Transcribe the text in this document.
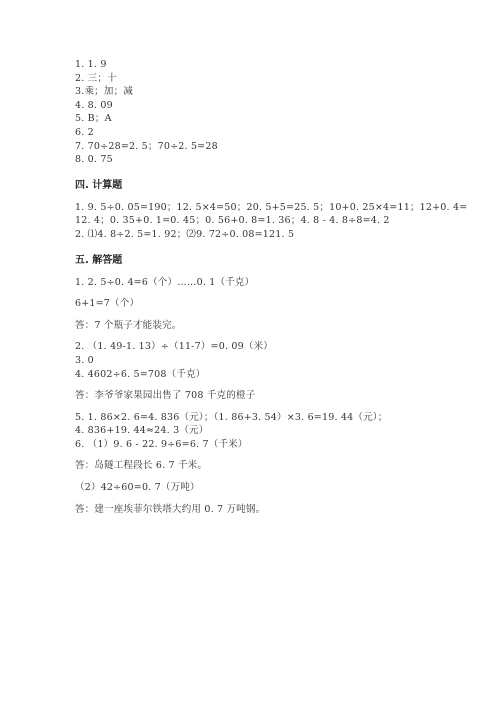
1. 1. 9
2. 三；十
3.乘；加；减
4. 8. 09
5. B；A
6. 2
7. 70÷28=2. 5；70÷2. 5=28
8. 0. 75
四. 计算题
1. 9. 5÷0. 05=190；12. 5×4=50；20. 5+5=25. 5；10+0. 25×4=11；12+0. 4=
12. 4；0. 35+0. 1=0. 45；0. 56+0. 8=1. 36；4. 8 - 4. 8÷8=4. 2
2. ⑴4. 8÷2. 5=1. 92；⑵9. 72÷0. 08=121. 5
五. 解答题
1. 2. 5÷0. 4=6（个）……0. 1（千克）
6+1=7（个）
答：7 个瓶子才能装完。
2. （1. 49-1. 13）÷（11-7）=0. 09（米）
3. 0
4. 4602÷6. 5=708（千克）
答：李爷爷家果园出售了 708 千克的橙子
5. 1. 86×2. 6=4. 836（元）；（1. 86+3. 54）×3. 6=19. 44（元）；
4. 836+19. 44≈24. 3（元）
6. （1）9. 6 - 22. 9÷6=6. 7（千米）
答：岛隧工程段长 6. 7 千米。
（2）42÷60=0. 7（万吨）
答：建一座埃菲尔铁塔大约用 0. 7 万吨钢。
